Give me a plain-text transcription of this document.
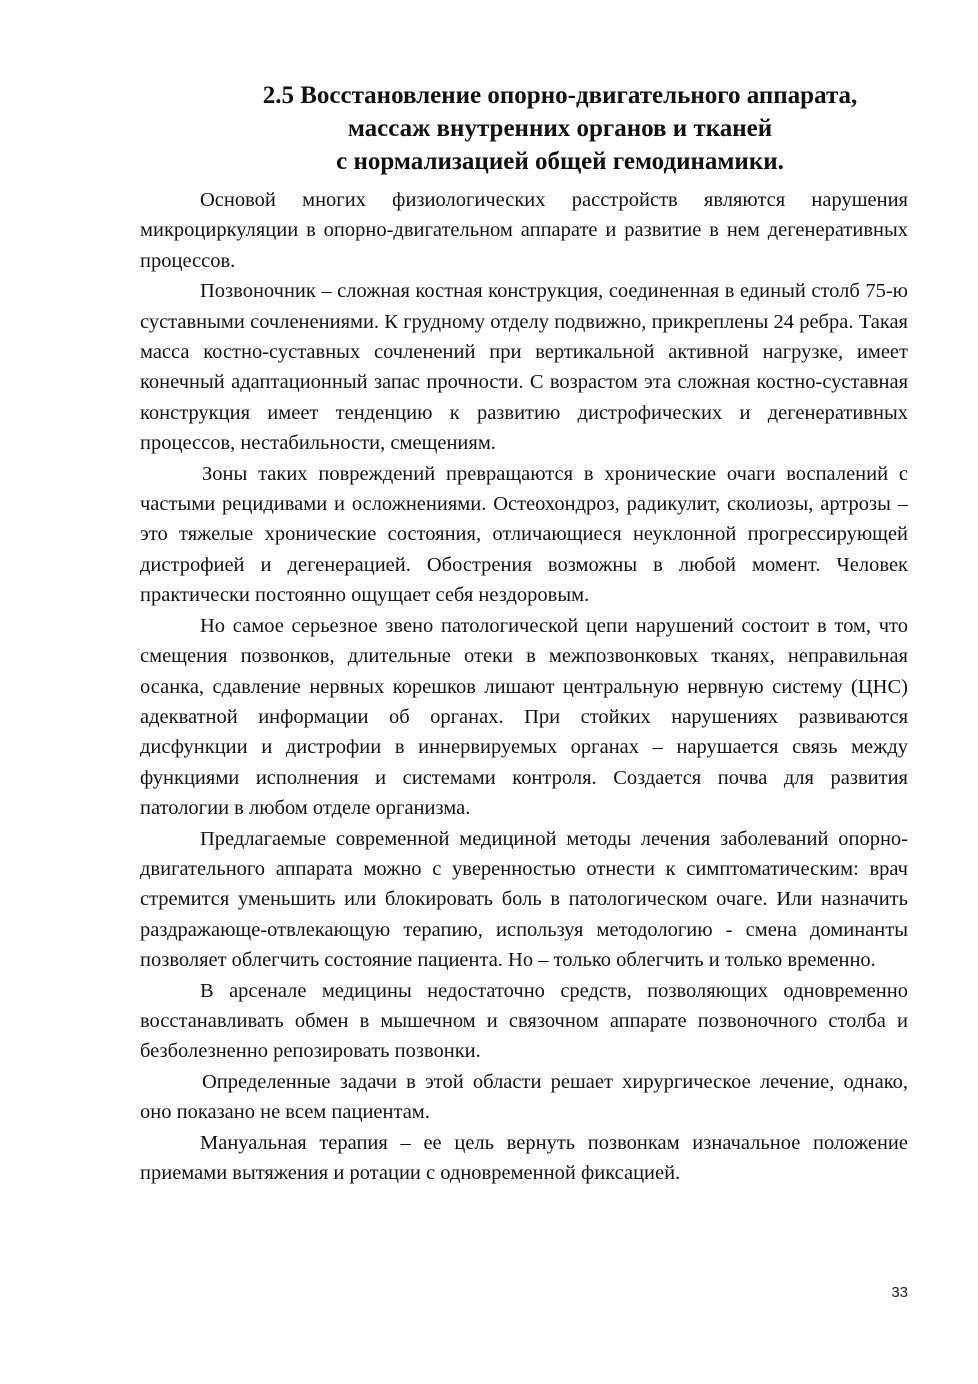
2.5 Восстановление опорно-двигательного аппарата,
массаж внутренних органов и тканей
с нормализацией общей гемодинамики.

Основой многих физиологических расстройств являются нарушения микроциркуляции в опорно-двигательном аппарате и развитие в нем дегенеративных процессов.

Позвоночник – сложная костная конструкция, соединенная в единый столб 75-ю суставными сочленениями. К грудному отделу подвижно, прикреплены 24 ребра. Такая масса костно-суставных сочленений при вертикальной активной нагрузке, имеет конечный адаптационный запас прочности. С возрастом эта сложная костно-суставная конструкция имеет тенденцию к развитию дистрофических и дегенеративных процессов, нестабильности, смещениям.

Зоны таких повреждений превращаются в хронические очаги воспалений с частыми рецидивами и осложнениями. Остеохондроз, радикулит, сколиозы, артрозы – это тяжелые хронические состояния, отличающиеся неуклонной прогрессирующей дистрофией и дегенерацией. Обострения возможны в любой момент. Человек практически постоянно ощущает себя нездоровым.

Но самое серьезное звено патологической цепи нарушений состоит в том, что смещения позвонков, длительные отеки в межпозвонковых тканях, неправильная осанка, сдавление нервных корешков лишают центральную нервную систему (ЦНС) адекватной информации об органах. При стойких нарушениях развиваются дисфункции и дистрофии в иннервируемых органах – нарушается связь между функциями исполнения и системами контроля. Создается почва для развития патологии в любом отделе организма.

Предлагаемые современной медициной методы лечения заболеваний опорно-двигательного аппарата можно с уверенностью отнести к симптоматическим: врач стремится уменьшить или блокировать боль в патологическом очаге. Или назначить раздражающе-отвлекающую терапию, используя методологию - смена доминанты позволяет облегчить состояние пациента. Но – только облегчить и только временно.

В арсенале медицины недостаточно средств, позволяющих одновременно восстанавливать обмен в мышечном и связочном аппарате позвоночного столба и безболезненно репозировать позвонки.

Определенные задачи в этой области решает хирургическое лечение, однако, оно показано не всем пациентам.

Мануальная терапия – ее цель вернуть позвонкам изначальное положение приемами вытяжения и ротации с одновременной фиксацией.

33
